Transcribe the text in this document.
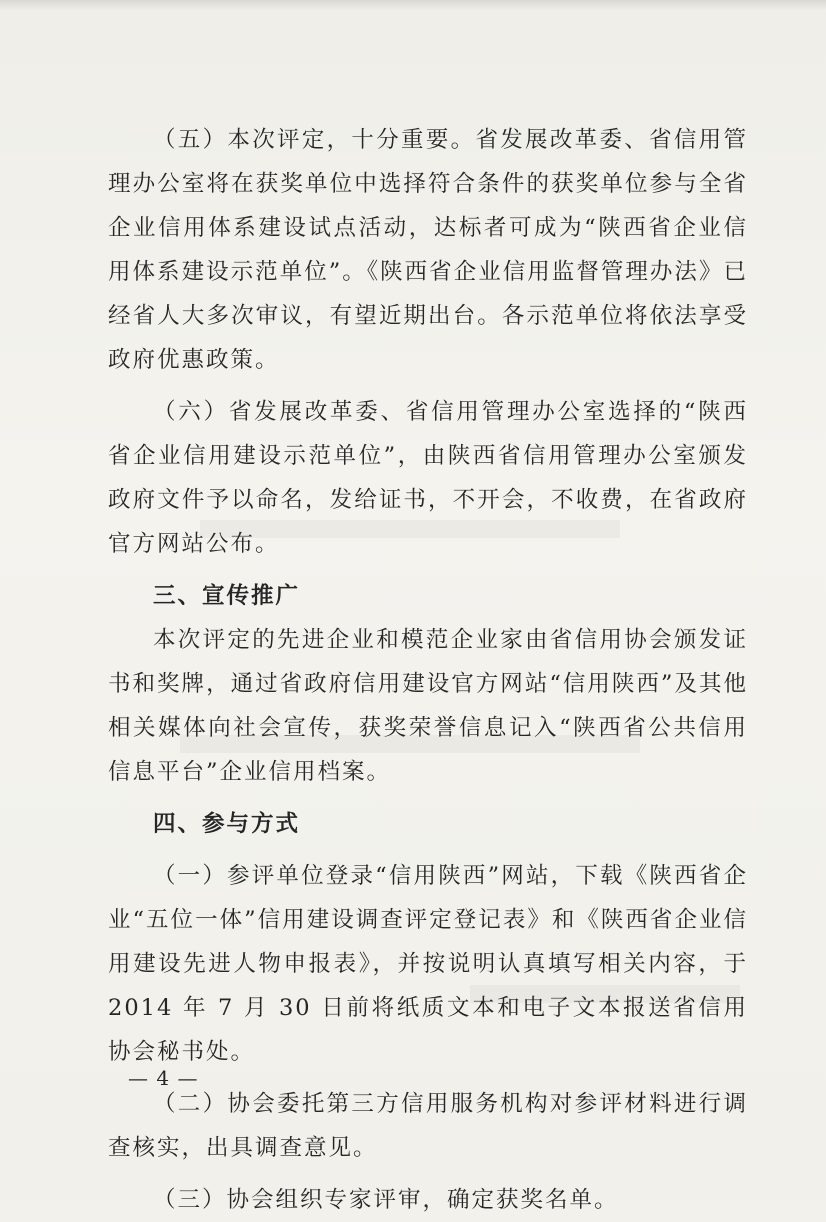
（五）本次评定，十分重要。省发展改革委、省信用管理办公室将在获奖单位中选择符合条件的获奖单位参与全省企业信用体系建设试点活动，达标者可成为“陕西省企业信用体系建设示范单位”。《陕西省企业信用监督管理办法》已经省人大多次审议，有望近期出台。各示范单位将依法享受政府优惠政策。

（六）省发展改革委、省信用管理办公室选择的“陕西省企业信用建设示范单位”，由陕西省信用管理办公室颁发政府文件予以命名，发给证书，不开会，不收费，在省政府官方网站公布。

三、宣传推广

本次评定的先进企业和模范企业家由省信用协会颁发证书和奖牌，通过省政府信用建设官方网站“信用陕西”及其他相关媒体向社会宣传，获奖荣誉信息记入“陕西省公共信用信息平台”企业信用档案。

四、参与方式

（一）参评单位登录“信用陕西”网站，下载《陕西省企业“五位一体”信用建设调查评定登记表》和《陕西省企业信用建设先进人物申报表》，并按说明认真填写相关内容，于 2014 年 7 月 30 日前将纸质文本和电子文本报送省信用协会秘书处。

（二）协会委托第三方信用服务机构对参评材料进行调查核实，出具调查意见。

（三）协会组织专家评审，确定获奖名单。

— 4 —
